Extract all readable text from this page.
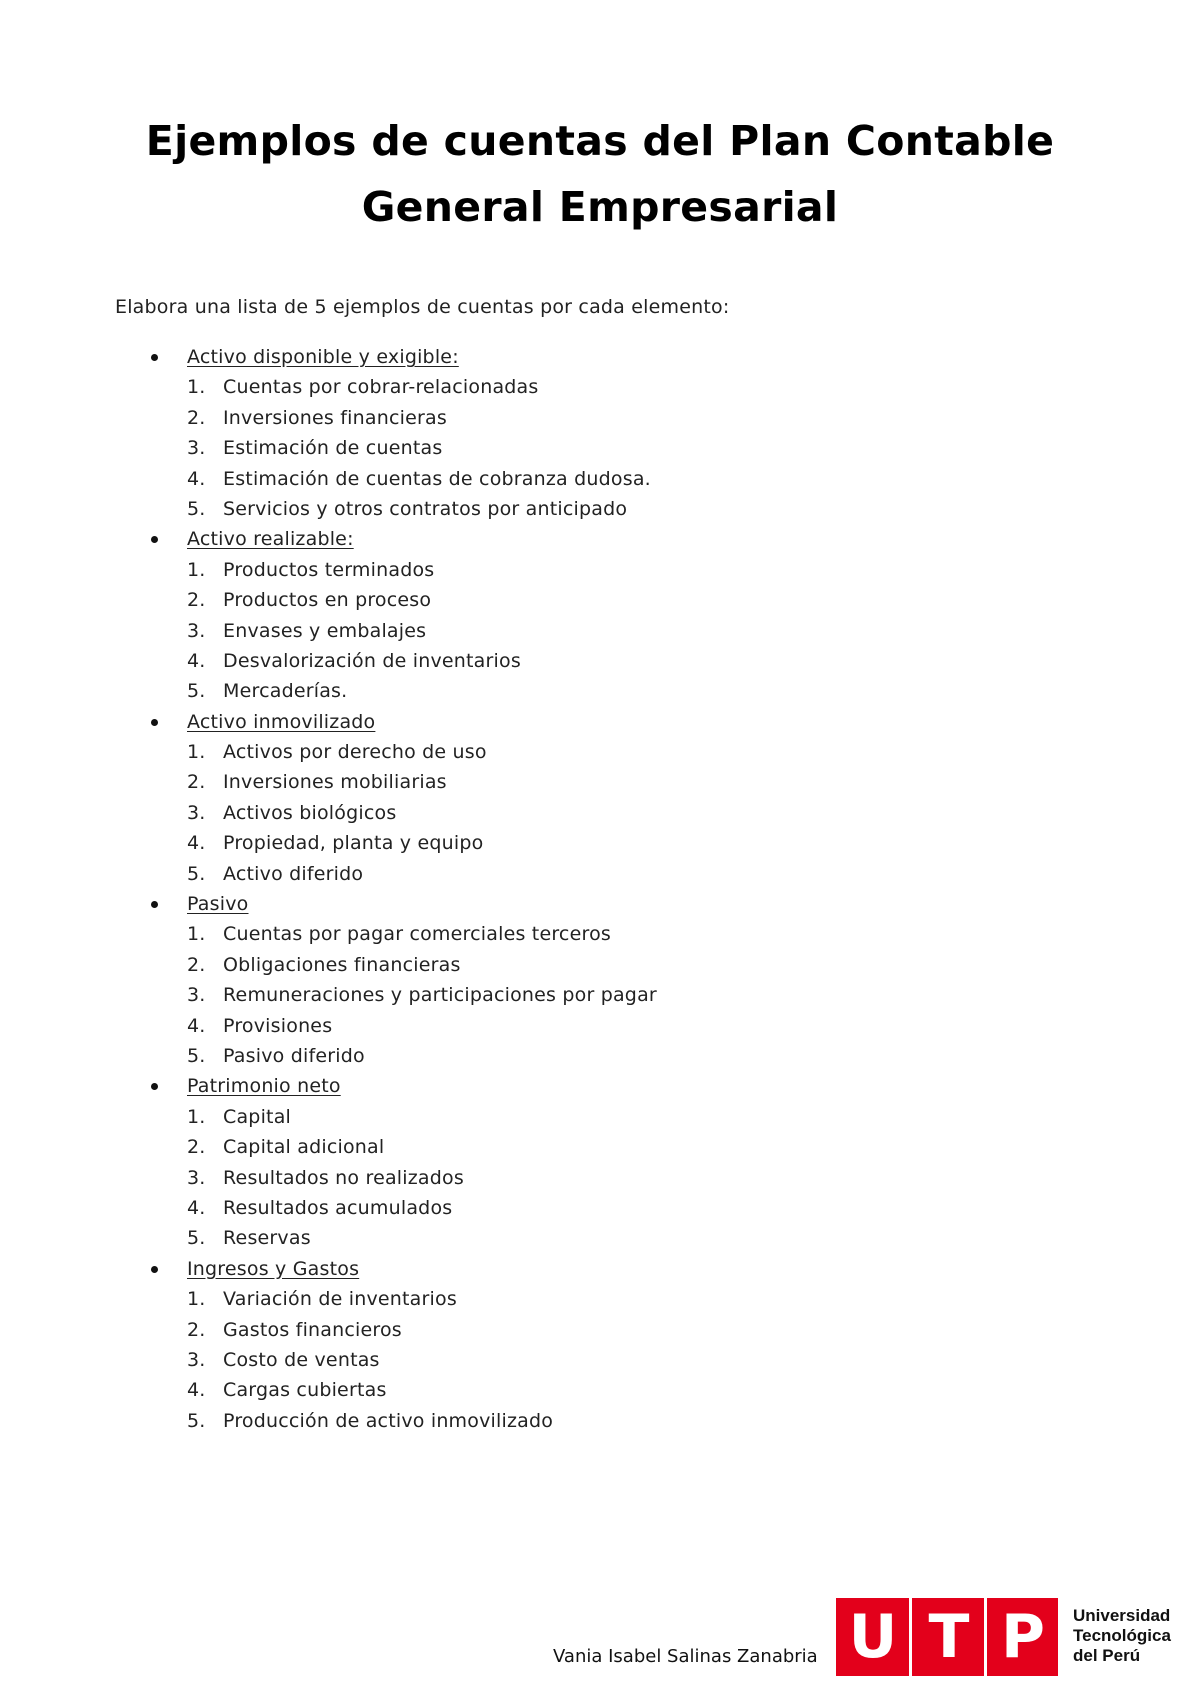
Ejemplos de cuentas del Plan Contable
General Empresarial
Elabora una lista de 5 ejemplos de cuentas por cada elemento:
Activo disponible y exigible:
1. Cuentas por cobrar-relacionadas
2. Inversiones financieras
3. Estimación de cuentas
4. Estimación de cuentas de cobranza dudosa.
5. Servicios y otros contratos por anticipado
Activo realizable:
1. Productos terminados
2. Productos en proceso
3. Envases y embalajes
4. Desvalorización de inventarios
5. Mercaderías.
Activo inmovilizado
1. Activos por derecho de uso
2. Inversiones mobiliarias
3. Activos biológicos
4. Propiedad, planta y equipo
5. Activo diferido
Pasivo
1. Cuentas por pagar comerciales terceros
2. Obligaciones financieras
3. Remuneraciones y participaciones por pagar
4. Provisiones
5. Pasivo diferido
Patrimonio neto
1. Capital
2. Capital adicional
3. Resultados no realizados
4. Resultados acumulados
5. Reservas
Ingresos y Gastos
1. Variación de inventarios
2. Gastos financieros
3. Costo de ventas
4. Cargas cubiertas
5. Producción de activo inmovilizado
Vania Isabel Salinas Zanabria U T P	Universidad
Tecnológica
del Perú
